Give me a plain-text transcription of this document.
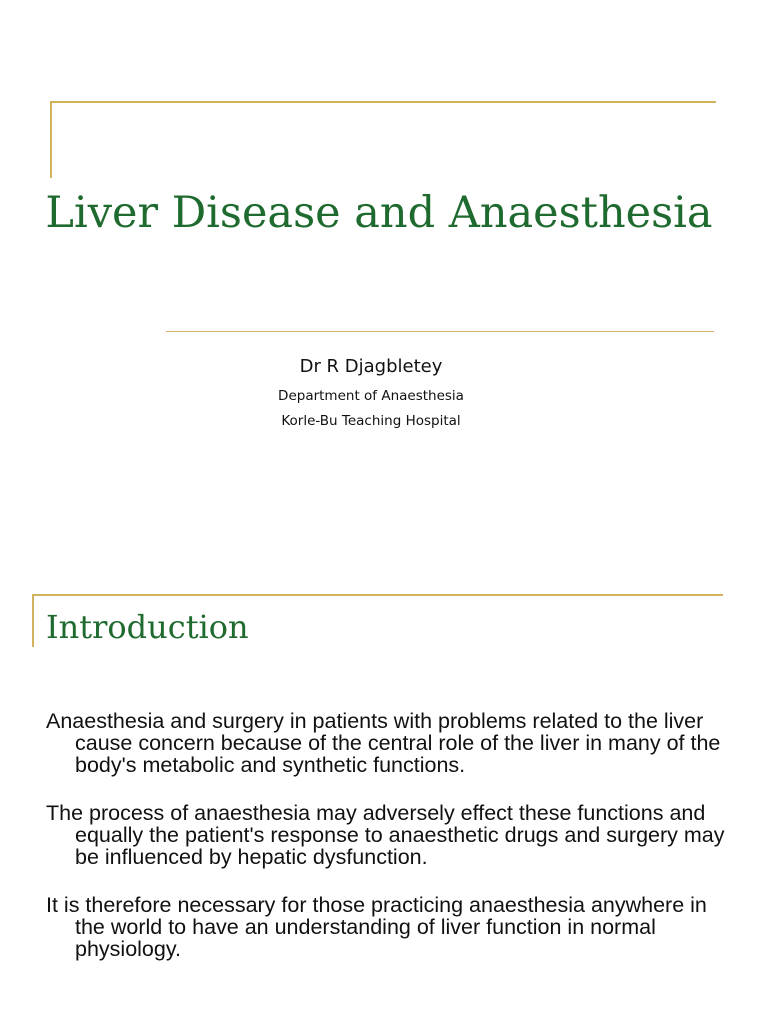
Liver Disease and Anaesthesia
Dr R Djagbletey
Department of Anaesthesia
Korle-Bu Teaching Hospital
Introduction
Anaesthesia and surgery in patients with problems related to the liver cause concern because of the central role of the liver in many of the body's metabolic and synthetic functions.
The process of anaesthesia may adversely effect these functions and equally the patient's response to anaesthetic drugs and surgery may be influenced by hepatic dysfunction.
It is therefore necessary for those practicing anaesthesia anywhere in the world to have an understanding of liver function in normal physiology.
